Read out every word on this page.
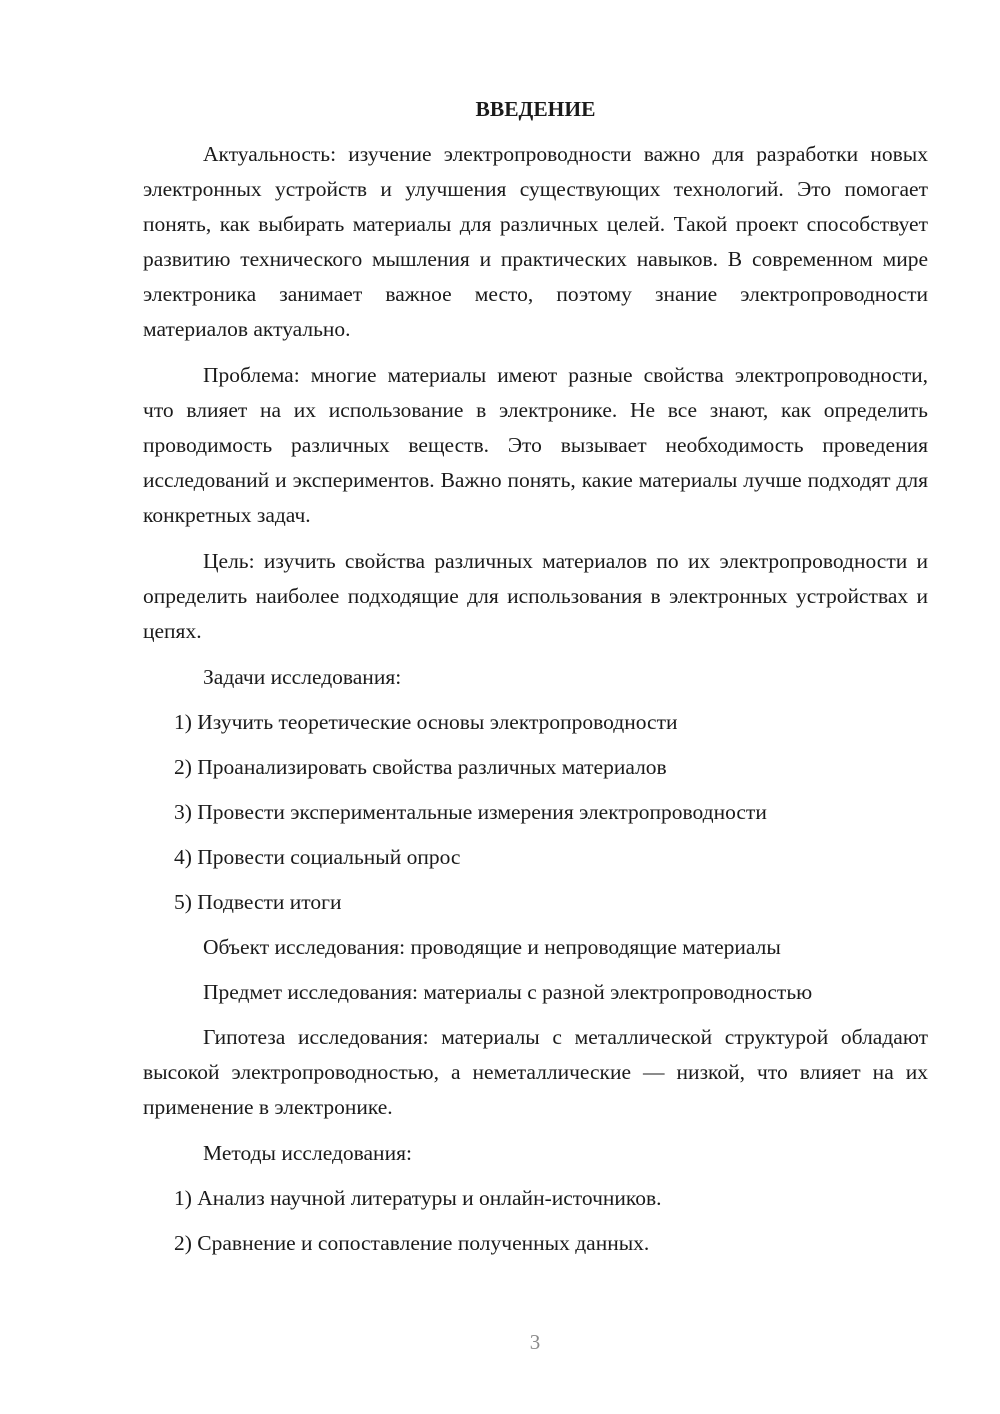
ВВЕДЕНИЕ

Актуальность: изучение электропроводности важно для разработки новых электронных устройств и улучшения существующих технологий. Это помогает понять, как выбирать материалы для различных целей. Такой проект способствует развитию технического мышления и практических навыков. В современном мире электроника занимает важное место, поэтому знание электропроводности материалов актуально.

Проблема: многие материалы имеют разные свойства электропроводности, что влияет на их использование в электронике. Не все знают, как определить проводимость различных веществ. Это вызывает необходимость проведения исследований и экспериментов. Важно понять, какие материалы лучше подходят для конкретных задач.

Цель: изучить свойства различных материалов по их электропроводности и определить наиболее подходящие для использования в электронных устройствах и цепях.

Задачи исследования:

1) Изучить теоретические основы электропроводности
2) Проанализировать свойства различных материалов
3) Провести экспериментальные измерения электропроводности
4) Провести социальный опрос
5) Подвести итоги

Объект исследования: проводящие и непроводящие материалы

Предмет исследования: материалы с разной электропроводностью

Гипотеза исследования: материалы с металлической структурой обладают высокой электропроводностью, а неметаллические — низкой, что влияет на их применение в электронике.

Методы исследования:

1) Анализ научной литературы и онлайн-источников.
2) Сравнение и сопоставление полученных данных.
3
